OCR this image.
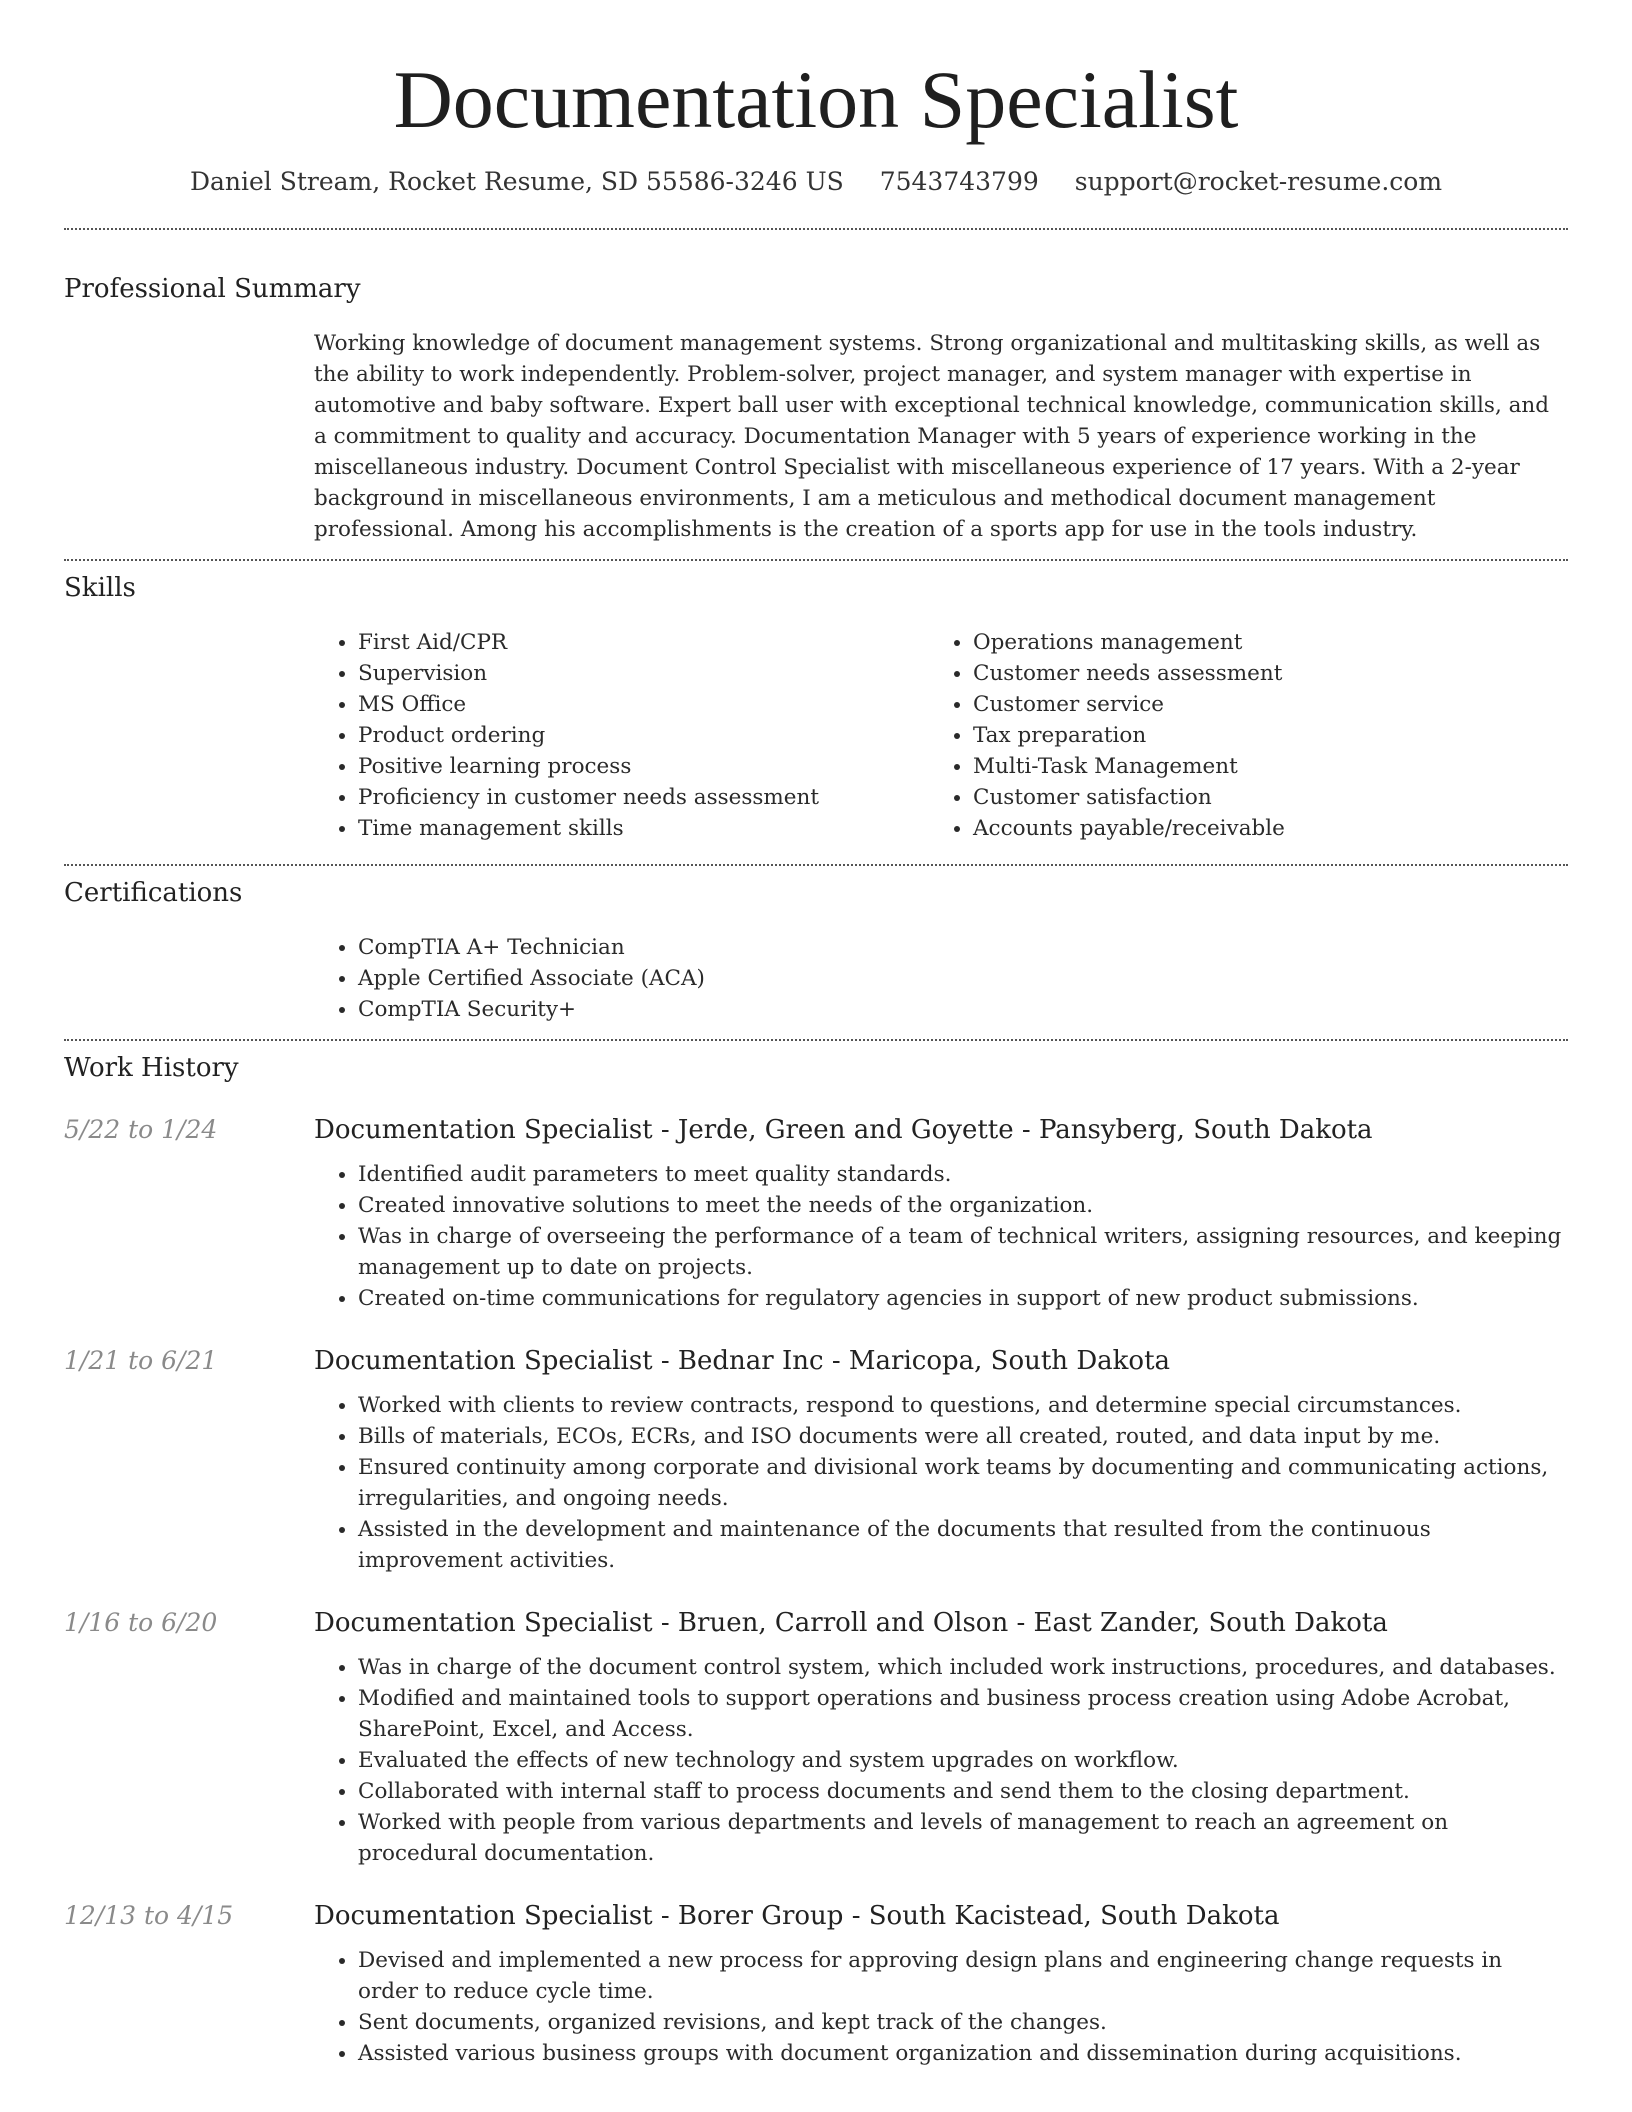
Documentation Specialist
Daniel Stream, Rocket Resume, SD 55586-3246 US 7543743799 support@rocket-resume.com
Professional Summary
Working knowledge of document management systems. Strong organizational and multitasking skills, as well as the ability to work independently. Problem-solver, project manager, and system manager with expertise in automotive and baby software. Expert ball user with exceptional technical knowledge, communication skills, and a commitment to quality and accuracy. Documentation Manager with 5 years of experience working in the miscellaneous industry. Document Control Specialist with miscellaneous experience of 17 years. With a 2-year background in miscellaneous environments, I am a meticulous and methodical document management professional. Among his accomplishments is the creation of a sports app for use in the tools industry.
Skills
• First Aid/CPR
• Supervision
• MS Office
• Product ordering
• Positive learning process
• Proficiency in customer needs assessment
• Time management skills
• Operations management
• Customer needs assessment
• Customer service
• Tax preparation
• Multi-Task Management
• Customer satisfaction
• Accounts payable/receivable
Certifications
• CompTIA A+ Technician
• Apple Certified Associate (ACA)
• CompTIA Security+
Work History
5/22 to 1/24	Documentation Specialist - Jerde, Green and Goyette - Pansyberg, South Dakota
• Identified audit parameters to meet quality standards.
• Created innovative solutions to meet the needs of the organization.
• Was in charge of overseeing the performance of a team of technical writers, assigning resources, and keeping management up to date on projects.
• Created on-time communications for regulatory agencies in support of new product submissions.
1/21 to 6/21	Documentation Specialist - Bednar Inc - Maricopa, South Dakota
• Worked with clients to review contracts, respond to questions, and determine special circumstances.
• Bills of materials, ECOs, ECRs, and ISO documents were all created, routed, and data input by me.
• Ensured continuity among corporate and divisional work teams by documenting and communicating actions, irregularities, and ongoing needs.
• Assisted in the development and maintenance of the documents that resulted from the continuous improvement activities.
1/16 to 6/20	Documentation Specialist - Bruen, Carroll and Olson - East Zander, South Dakota
• Was in charge of the document control system, which included work instructions, procedures, and databases.
• Modified and maintained tools to support operations and business process creation using Adobe Acrobat, SharePoint, Excel, and Access.
• Evaluated the effects of new technology and system upgrades on workflow.
• Collaborated with internal staff to process documents and send them to the closing department.
• Worked with people from various departments and levels of management to reach an agreement on procedural documentation.
12/13 to 4/15	Documentation Specialist - Borer Group - South Kacistead, South Dakota
• Devised and implemented a new process for approving design plans and engineering change requests in order to reduce cycle time.
• Sent documents, organized revisions, and kept track of the changes.
• Assisted various business groups with document organization and dissemination during acquisitions.
